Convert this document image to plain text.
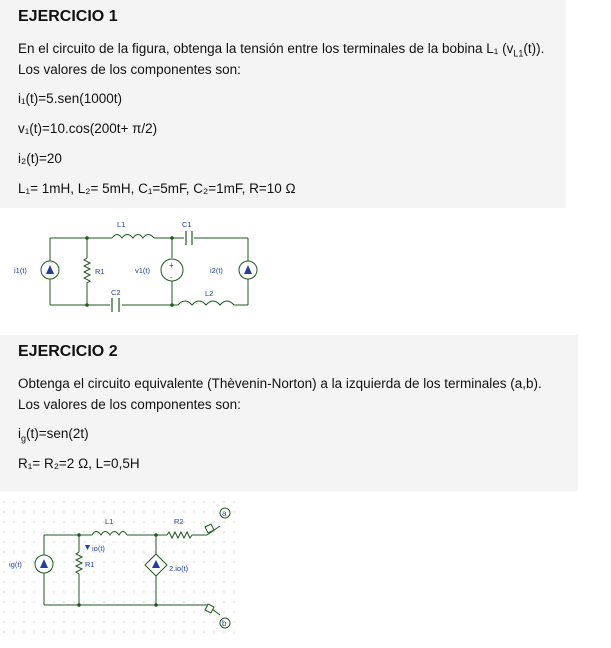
EJERCICIO 1
En el circuito de la figura, obtenga la tensión entre los terminales de la bobina L₁ $(v_{L1}(t))$.
Los valores de los componentes son:
i₁(t)=5.sen(1000t)
v₁(t)=10.cos(200t+ π/2)
i₂(t)=20
L₁= 1mH, L₂= 5mH, C₁=5mF, C₂=1mF, R=10 Ω
L1	C1
i1(t)	R1	v1(t)	i2(t)
C2	L2
+
-
EJERCICIO 2
Obtenga el circuito equivalente (Thèvenin-Norton) a la izquierda de los terminales (a,b).
Los valores de los componentes son:
$i_g(t)=sen(2t)$
R₁= R₂=2 Ω, L=0,5H
L1	R2
io(t)
ig(t)	R1	2.io(t)
a
b
